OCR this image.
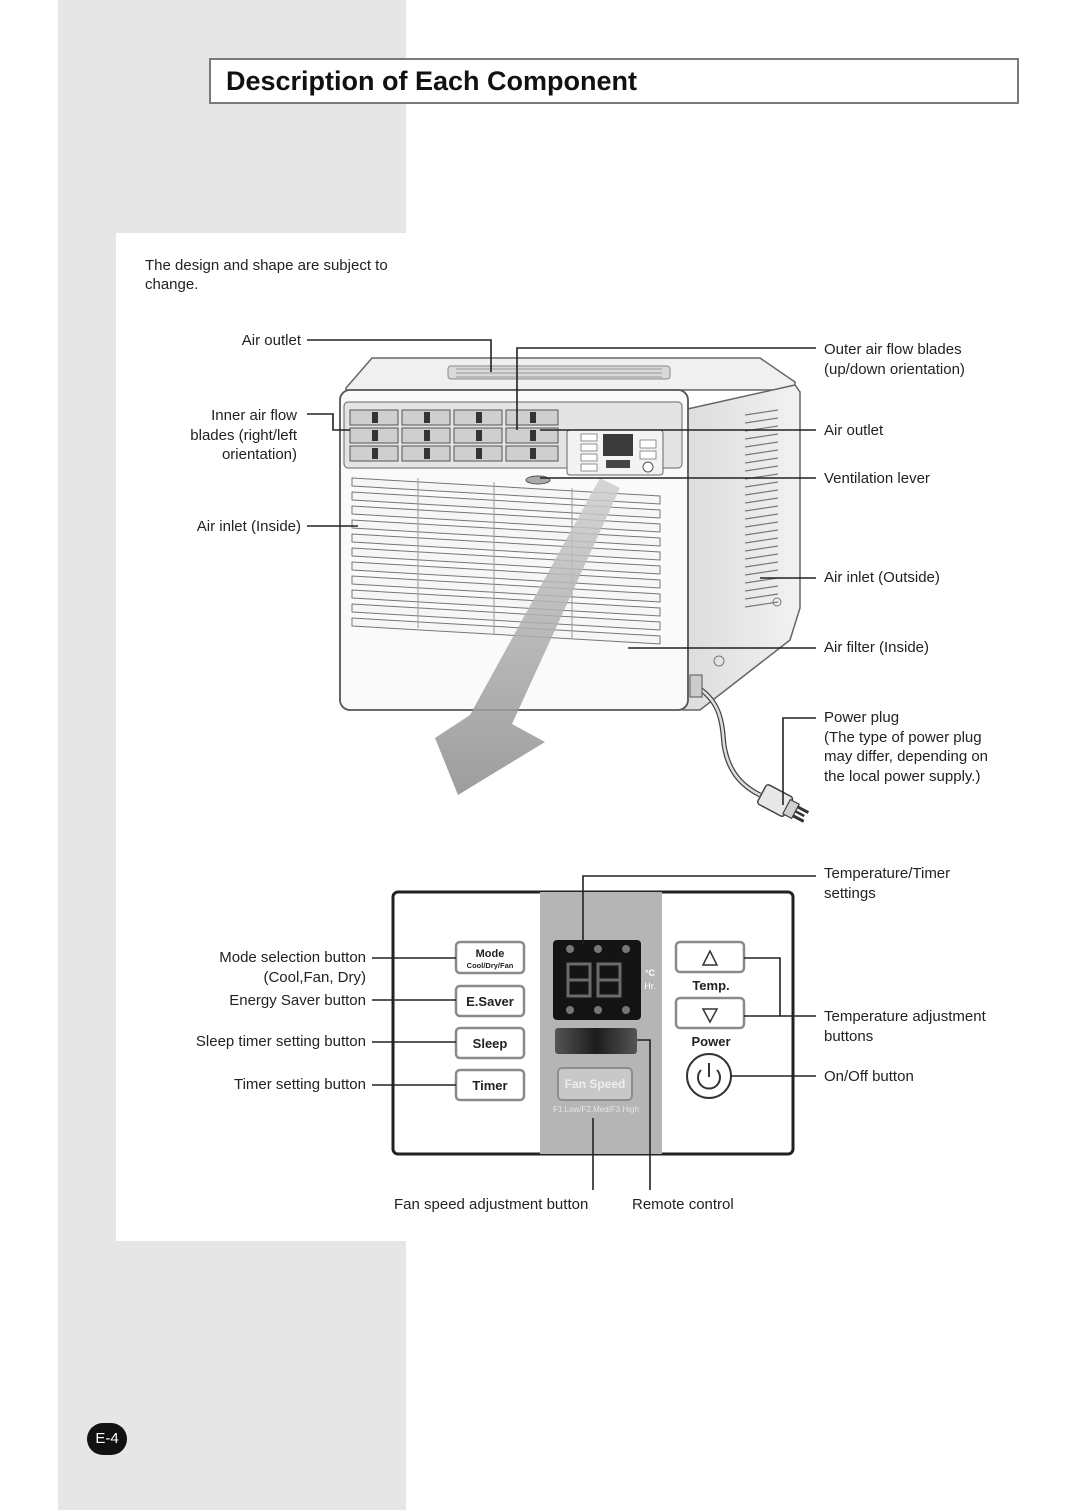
Description of Each Component
The design and shape are subject to change.
Mode
Cool/Dry/Fan
E.Saver
Sleep
Timer
°C
Hr.
Fan Speed
F1.Low/F2.Med/F3.High
Temp.
Power
Air outlet
Inner air flow
blades (right/left
orientation)
Air inlet (Inside)
Outer air flow blades
(up/down orientation)
Air outlet
Ventilation lever
Air inlet (Outside)
Air filter (Inside)
Power plug
(The type of power plug
may differ, depending on
the local power supply.)
Temperature/Timer
settings
Mode selection button
(Cool,Fan, Dry)
Energy Saver button
Sleep timer setting button
Timer setting button
Temperature adjustment
buttons
On/Off button
Fan speed adjustment button	Remote control
E-4
